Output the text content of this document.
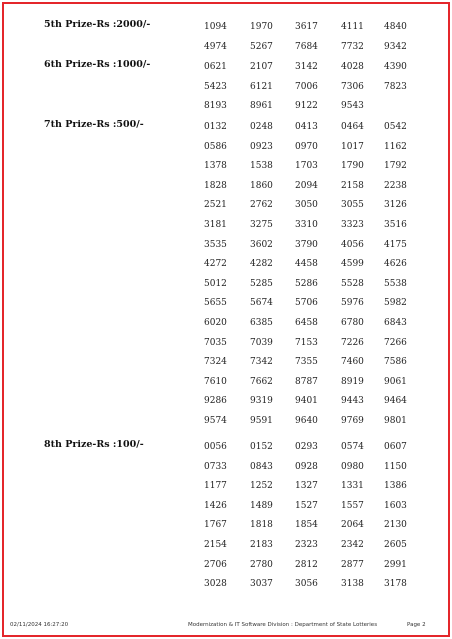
5th Prize-Rs :2000/-	1094	1970 3617	4111 4840
4974	5267 7684	7732 9342
6th Prize-Rs :1000/-	0621	2107 3142	4028 4390
5423	6121 7006	7306 7823
8193	8961 9122	9543
7th Prize-Rs :500/-	0132	0248 0413	0464 0542
0586	0923 0970	1017 1162
1378	1538 1703	1790 1792
1828	1860 2094	2158 2238
2521	2762 3050	3055 3126
3181	3275 3310	3323 3516
3535	3602 3790	4056 4175
4272	4282 4458	4599 4626
5012	5285 5286	5528 5538
5655	5674 5706	5976 5982
6020	6385 6458	6780 6843
7035	7039 7153	7226 7266
7324	7342 7355	7460 7586
7610	7662 8787	8919 9061
9286	9319 9401	9443 9464
9574	9591 9640	9769 9801
8th Prize-Rs :100/-	0056	0152 0293	0574 0607
0733	0843 0928	0980 1150
1177	1252 1327	1331 1386
1426	1489 1527	1557 1603
1767	1818 1854	2064 2130
2154	2183 2323	2342 2605
2706	2780 2812	2877 2991
3028	3037 3056	3138 3178
02/11/2024 16:27:20	Modernization & IT Software Division : Department of State Lotteries	Page 2
